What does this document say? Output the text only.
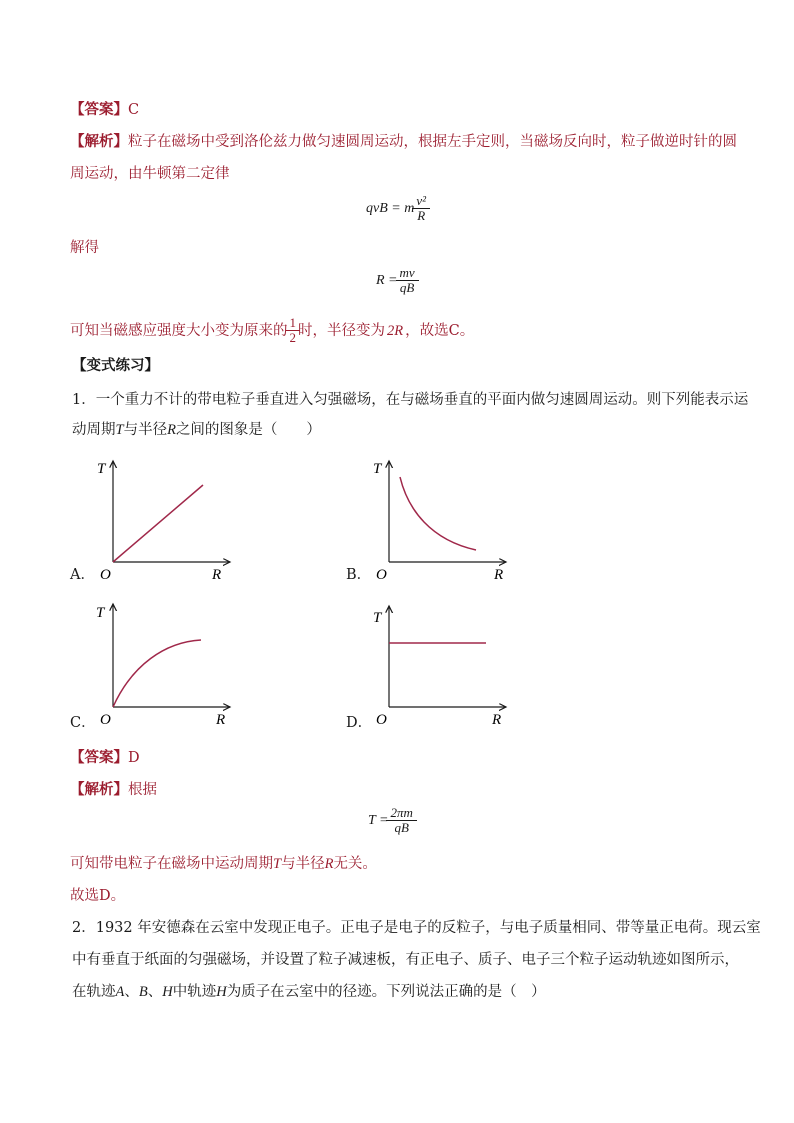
【答案】C
【解析】粒子在磁场中受到洛伦兹力做匀速圆周运动，根据左手定则，当磁场反向时，粒子做逆时针的圆
周运动，由牛顿第二定律
qvB = m $\frac{\text{v²}}{R}$
解得
$R = \frac{mv}{qB}$
可知当磁感应强度大小变为原来的 $\frac{1}{2}$ 时，半径变为 2R ，故选 C。
【变式练习】
1．一个重力不计的带电粒子垂直进入匀强磁场，在与磁场垂直的平面内做匀速圆周运动。则下列能表示运
动周期T与半径R之间的图象是（　　）
A．
T
O	R	B．
T
O	R
C．
T
O	R	D．
T
O	R
【答案】D
【解析】根据
$T = \frac{2\pi m}{qB}$
可知带电粒子在磁场中运动周期T与半径R无关。
故选D。
2．1932 年安德森在云室中发现正电子。正电子是电子的反粒子，与电子质量相同、带等量正电荷。现云室
中有垂直于纸面的匀强磁场，并设置了粒子减速板，有正电子、质子、电子三个粒子运动轨迹如图所示，
在轨迹A、B、H中轨迹H为质子在云室中的径迹。下列说法正确的是（　）
